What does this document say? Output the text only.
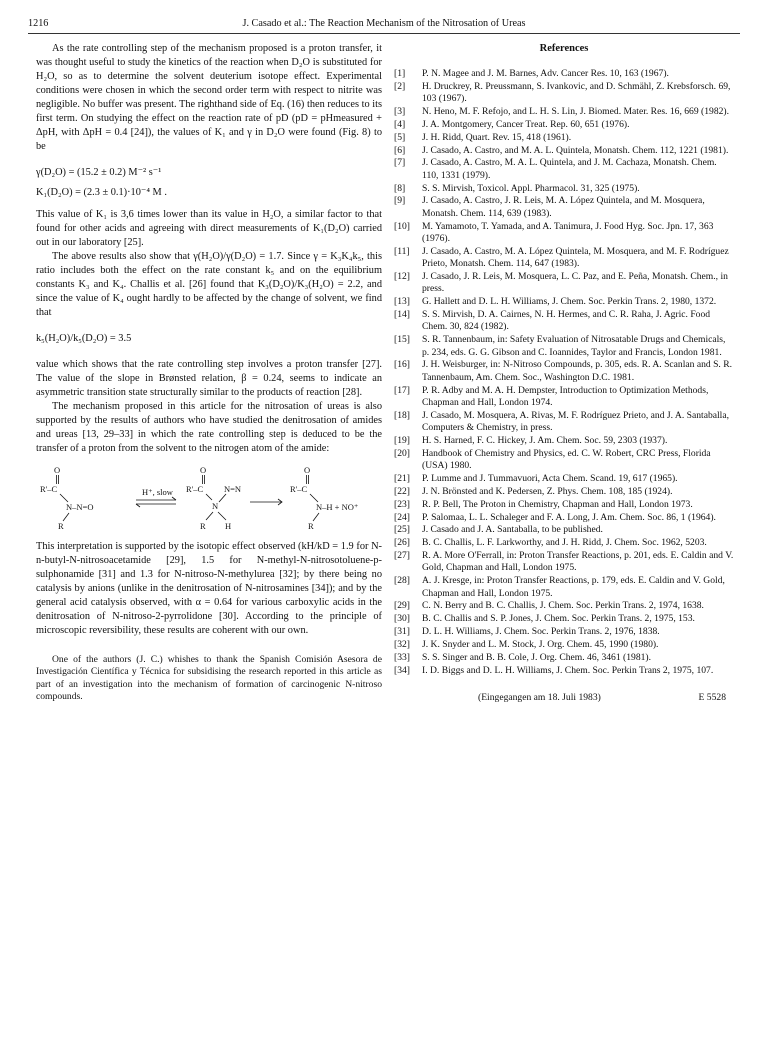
1216	J. Casado et al.: The Reaction Mechanism of the Nitrosation of Ureas

As the rate controlling step of the mechanism proposed is a proton transfer, it was thought useful to study the kinetics of the reaction when D₂O is substituted for H₂O, so as to determine the solvent deuterium isotope effect. Experimental conditions were chosen in which the second order term with respect to nitrite was negligible. No buffer was present. The righthand side of Eq. (16) then reduces to its first term. On studying the effect on the reaction rate of pD (pD = pHmeasured + ΔpH, with ΔpH = 0.4 [24]), the values of K₁ and γ in D₂O were found (Fig. 8) to be

γ(D₂O) = (15.2 ± 0.2) M⁻² s⁻¹

K₁(D₂O) = (2.3 ± 0.1)·10⁻⁴ M .

This value of K₁ is 3,6 times lower than its value in H₂O, a similar factor to that found for other acids and agreeing with direct measurements of K₁(D₂O) carried out in our laboratory [25].

The above results also show that γ(H₂O)/γ(D₂O) = 1.7. Since γ = K₃K₄k₅, this ratio includes both the effect on the rate constant k₅ and on the equilibrium constants K₃ and K₄. Challis et al. [26] found that K₃(D₂O)/K₃(H₂O) = 2.2, and since the value of K₄ ought hardly to be affected by the change of solvent, we find that

k₅(H₂O)/k₅(D₂O) = 3.5

value which shows that the rate controlling step involves a proton transfer [27]. The value of the slope in Brønsted relation, β = 0.24, seems to indicate an asymmetric transition state structurally similar to the products of reaction [28].

The mechanism proposed in this article for the nitrosation of ureas is also supported by the results of authors who have studied the denitrosation of amides and ureas [13, 29–33] in which the rate controlling step is deduced to be the transfer of a proton from the solvent to the nitrogen atom of the amide:

O
R'–C
N–N=O
R
H⁺, slow
O
R'–C
N
N=N
R H
O
R'–C
N–H + NO⁺
R

This interpretation is supported by the isotopic effect observed (kH/kD = 1.9 for N-n-butyl-N-nitrosoacetamide [29], 1.5 for N-methyl-N-nitrosotoluene-p-sulphonamide [31] and 1.3 for N-nitroso-N-methylurea [32]; by there being no catalysis by anions (unlike in the denitrosation of N-nitrosamines [34]); and by the general acid catalysis observed, with α = 0.64 for various carboxylic acids in the denitrosation of N-nitroso-2-pyrrolidone [30]. According to the principle of microscopic reversibility, these results are coherent with our own.

One of the authors (J. C.) whishes to thank the Spanish Comisión Asesora de Investigación Científica y Técnica for subsidising the research reported in this article as part of an investigation into the mechanism of formation of carcinogenic N-nitroso compounds.

References
[1]	P. N. Magee and J. M. Barnes, Adv. Cancer Res. 10, 163 (1967).
[2]	H. Druckrey, R. Preussmann, S. Ivankovic, and D. Schmähl, Z. Krebsforsch. 69, 103 (1967).
[3]	N. Heno, M. F. Refojo, and L. H. S. Lin, J. Biomed. Mater. Res. 16, 669 (1982).
[4]	J. A. Montgomery, Cancer Treat. Rep. 60, 651 (1976).
[5]	J. H. Ridd, Quart. Rev. 15, 418 (1961).
[6]	J. Casado, A. Castro, and M. A. L. Quintela, Monatsh. Chem. 112, 1221 (1981).
[7]	J. Casado, A. Castro, M. A. L. Quintela, and J. M. Cachaza, Monatsh. Chem. 110, 1331 (1979).
[8]	S. S. Mirvish, Toxicol. Appl. Pharmacol. 31, 325 (1975).
[9]	J. Casado, A. Castro, J. R. Leis, M. A. López Quintela, and M. Mosquera, Monatsh. Chem. 114, 639 (1983).
[10]	M. Yamamoto, T. Yamada, and A. Tanimura, J. Food Hyg. Soc. Jpn. 17, 363 (1976).
[11]	J. Casado, A. Castro, M. A. López Quintela, M. Mosquera, and M. F. Rodríguez Prieto, Monatsh. Chem. 114, 647 (1983).
[12]	J. Casado, J. R. Leis, M. Mosquera, L. C. Paz, and E. Peña, Monatsh. Chem., in press.
[13]	G. Hallett and D. L. H. Williams, J. Chem. Soc. Perkin Trans. 2, 1980, 1372.
[14]	S. S. Mirvish, D. A. Cairnes, N. H. Hermes, and C. R. Raha, J. Agric. Food Chem. 30, 824 (1982).
[15]	S. R. Tannenbaum, in: Safety Evaluation of Nitrosatable Drugs and Chemicals, p. 234, eds. G. G. Gibson and C. Ioannides, Taylor and Francis, London 1981.
[16]	J. H. Weisburger, in: N-Nitroso Compounds, p. 305, eds. R. A. Scanlan and S. R. Tannenbaum, Am. Chem. Soc., Washington D.C. 1981.
[17]	P. R. Adby and M. A. H. Dempster, Introduction to Optimization Methods, Chapman and Hall, London 1974.
[18]	J. Casado, M. Mosquera, A. Rivas, M. F. Rodríguez Prieto, and J. A. Santaballa, Computers & Chemistry, in press.
[19]	H. S. Harned, F. C. Hickey, J. Am. Chem. Soc. 59, 2303 (1937).
[20]	Handbook of Chemistry and Physics, ed. C. W. Robert, CRC Press, Florida (USA) 1980.
[21]	P. Lumme and J. Tummavuori, Acta Chem. Scand. 19, 617 (1965).
[22]	J. N. Brönsted and K. Pedersen, Z. Phys. Chem. 108, 185 (1924).
[23]	R. P. Bell, The Proton in Chemistry, Chapman and Hall, London 1973.
[24]	P. Salomaa, L. L. Schaleger and F. A. Long, J. Am. Chem. Soc. 86, 1 (1964).
[25]	J. Casado and J. A. Santaballa, to be published.
[26]	B. C. Challis, L. F. Larkworthy, and J. H. Ridd, J. Chem. Soc. 1962, 5203.
[27]	R. A. More O'Ferrall, in: Proton Transfer Reactions, p. 201, eds. E. Caldin and V. Gold, Chapman and Hall, London 1975.
[28]	A. J. Kresge, in: Proton Transfer Reactions, p. 179, eds. E. Caldin and V. Gold, Chapman and Hall, London 1975.
[29]	C. N. Berry and B. C. Challis, J. Chem. Soc. Perkin Trans. 2, 1974, 1638.
[30]	B. C. Challis and S. P. Jones, J. Chem. Soc. Perkin Trans. 2, 1975, 153.
[31]	D. L. H. Williams, J. Chem. Soc. Perkin Trans. 2, 1976, 1838.
[32]	J. K. Snyder and L. M. Stock, J. Org. Chem. 45, 1990 (1980).
[33]	S. S. Singer and B. B. Cole, J. Org. Chem. 46, 3461 (1981).
[34]	I. D. Biggs and D. L. H. Williams, J. Chem. Soc. Perkin Trans 2, 1975, 107.
(Eingegangen am 18. Juli 1983)	E 5528
